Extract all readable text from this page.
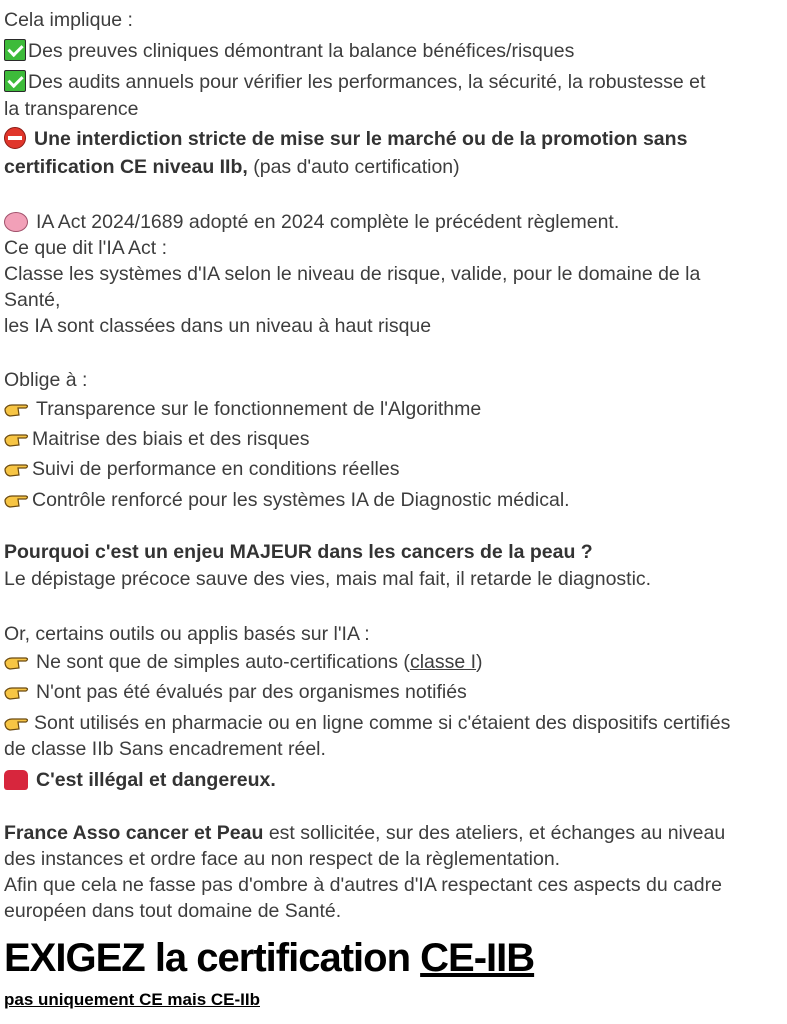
Cela implique :
Des preuves cliniques démontrant la balance bénéfices/risques
Des audits annuels pour vérifier les performances, la sécurité, la robustesse et
la transparence
Une interdiction stricte de mise sur le marché ou de la promotion sans
certification CE niveau IIb, (pas d'auto certification)
IA Act 2024/1689 adopté en 2024 complète le précédent règlement.
Ce que dit l'IA Act :
Classe les systèmes d'IA selon le niveau de risque, valide, pour le domaine de la
Santé,
les IA sont classées dans un niveau à haut risque
Oblige à :
Transparence sur le fonctionnement de l'Algorithme
Maitrise des biais et des risques
Suivi de performance en conditions réelles
Contrôle renforcé pour les systèmes IA de Diagnostic médical.
Pourquoi c'est un enjeu MAJEUR dans les cancers de la peau ?
Le dépistage précoce sauve des vies, mais mal fait, il retarde le diagnostic.
Or, certains outils ou applis basés sur l'IA :
Ne sont que de simples auto-certifications (classe I)
N'ont pas été évalués par des organismes notifiés
Sont utilisés en pharmacie ou en ligne comme si c'étaient des dispositifs certifiés
de classe IIb Sans encadrement réel.
C'est illégal et dangereux.
France Asso cancer et Peau est sollicitée, sur des ateliers, et échanges au niveau
des instances et ordre face au non respect de la règlementation.
Afin que cela ne fasse pas d'ombre à d'autres d'IA respectant ces aspects du cadre
européen dans tout domaine de Santé.
EXIGEZ la certification CE-IIB
pas uniquement CE mais CE-IIb
